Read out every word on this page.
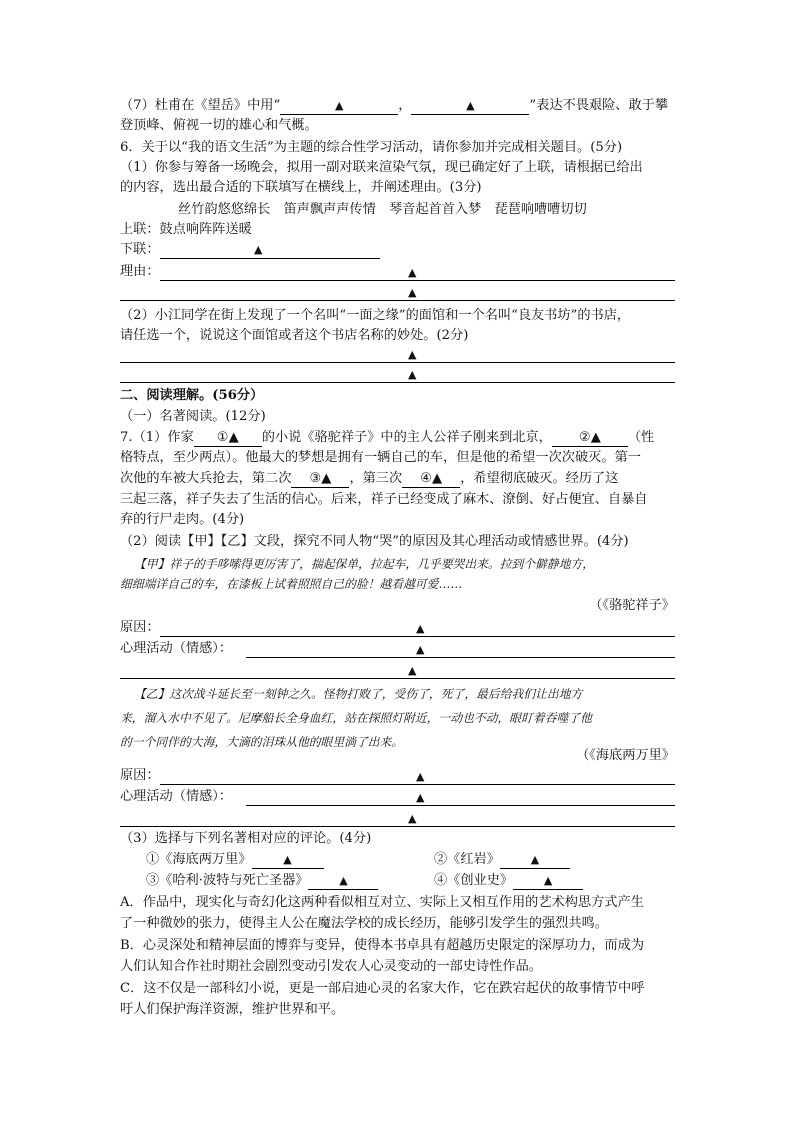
（7）杜甫在《望岳》中用“	▲	，	▲	”表达不畏艰险、敢于攀
登顶峰、俯视一切的雄心和气概。
6．关于以“我的语文生活”为主题的综合性学习活动，请你参加并完成相关题目。(5分)
（1）你参与筹备一场晚会，拟用一副对联来渲染气氛，现已确定好了上联，请根据已给出
的内容，选出最合适的下联填写在横线上，并阐述理由。(3分)
丝竹韵悠悠绵长　笛声飘声声传情　琴音起首首入梦　琵琶响嘈嘈切切
上联：鼓点响阵阵送暖
下联：	▲
理由：	▲
▲
（2）小江同学在街上发现了一个名叫“一面之缘”的面馆和一个名叫“良友书坊”的书店，
请任选一个，说说这个面馆或者这个书店名称的妙处。(2分)
▲
▲
二、阅读理解。(56分）
（一）名著阅读。(12分)
7.（1）作家 ①▲ 的小说《骆驼祥子》中的主人公祥子刚来到北京， ②▲ （性
格特点，至少两点）。他最大的梦想是拥有一辆自己的车，但是他的希望一次次破灭。第一
次他的车被大兵抢去，第二次 ③▲ ，第三次 ④▲ ，希望彻底破灭。经历了这
三起三落，祥子失去了生活的信心。后来，祥子已经变成了麻木、潦倒、好占便宜、自暴自
弃的行尸走肉。(4分)
（2）阅读【甲】【乙】文段，探究不同人物“哭”的原因及其心理活动或情感世界。(4分)
【甲】祥子的手哆嗦得更厉害了，揣起保单，拉起车，几乎要哭出来。拉到个僻静地方，
细细端详自己的车，在漆板上试着照照自己的脸！越看越可爱……
（《骆驼祥子》
原因：	▲
心理活动（情感）：	▲
▲
【乙】这次战斗延长至一刻钟之久。怪物打败了，受伤了，死了，最后给我们让出地方
来，溜入水中不见了。尼摩船长全身血红，站在探照灯附近，一动也不动，眼盯着吞噬了他
的一个同伴的大海，大滴的泪珠从他的眼里淌了出来。
（《海底两万里》
原因：	▲
心理活动（情感）：	▲
▲
（3）选择与下列名著相对应的评论。(4分)
①《海底两万里》	▲	②《红岩》	▲
③《哈利·波特与死亡圣器》	▲	④《创业史》	▲
A．作品中，现实化与奇幻化这两种看似相互对立、实际上又相互作用的艺术构思方式产生
了一种微妙的张力，使得主人公在魔法学校的成长经历，能够引发学生的强烈共鸣。
B．心灵深处和精神层面的博弈与变异，使得本书卓具有超越历史限定的深厚功力，而成为
人们认知合作社时期社会剧烈变动引发农人心灵变动的一部史诗性作品。
C．这不仅是一部科幻小说，更是一部启迪心灵的名家大作，它在跌宕起伏的故事情节中呼
吁人们保护海洋资源，维护世界和平。
